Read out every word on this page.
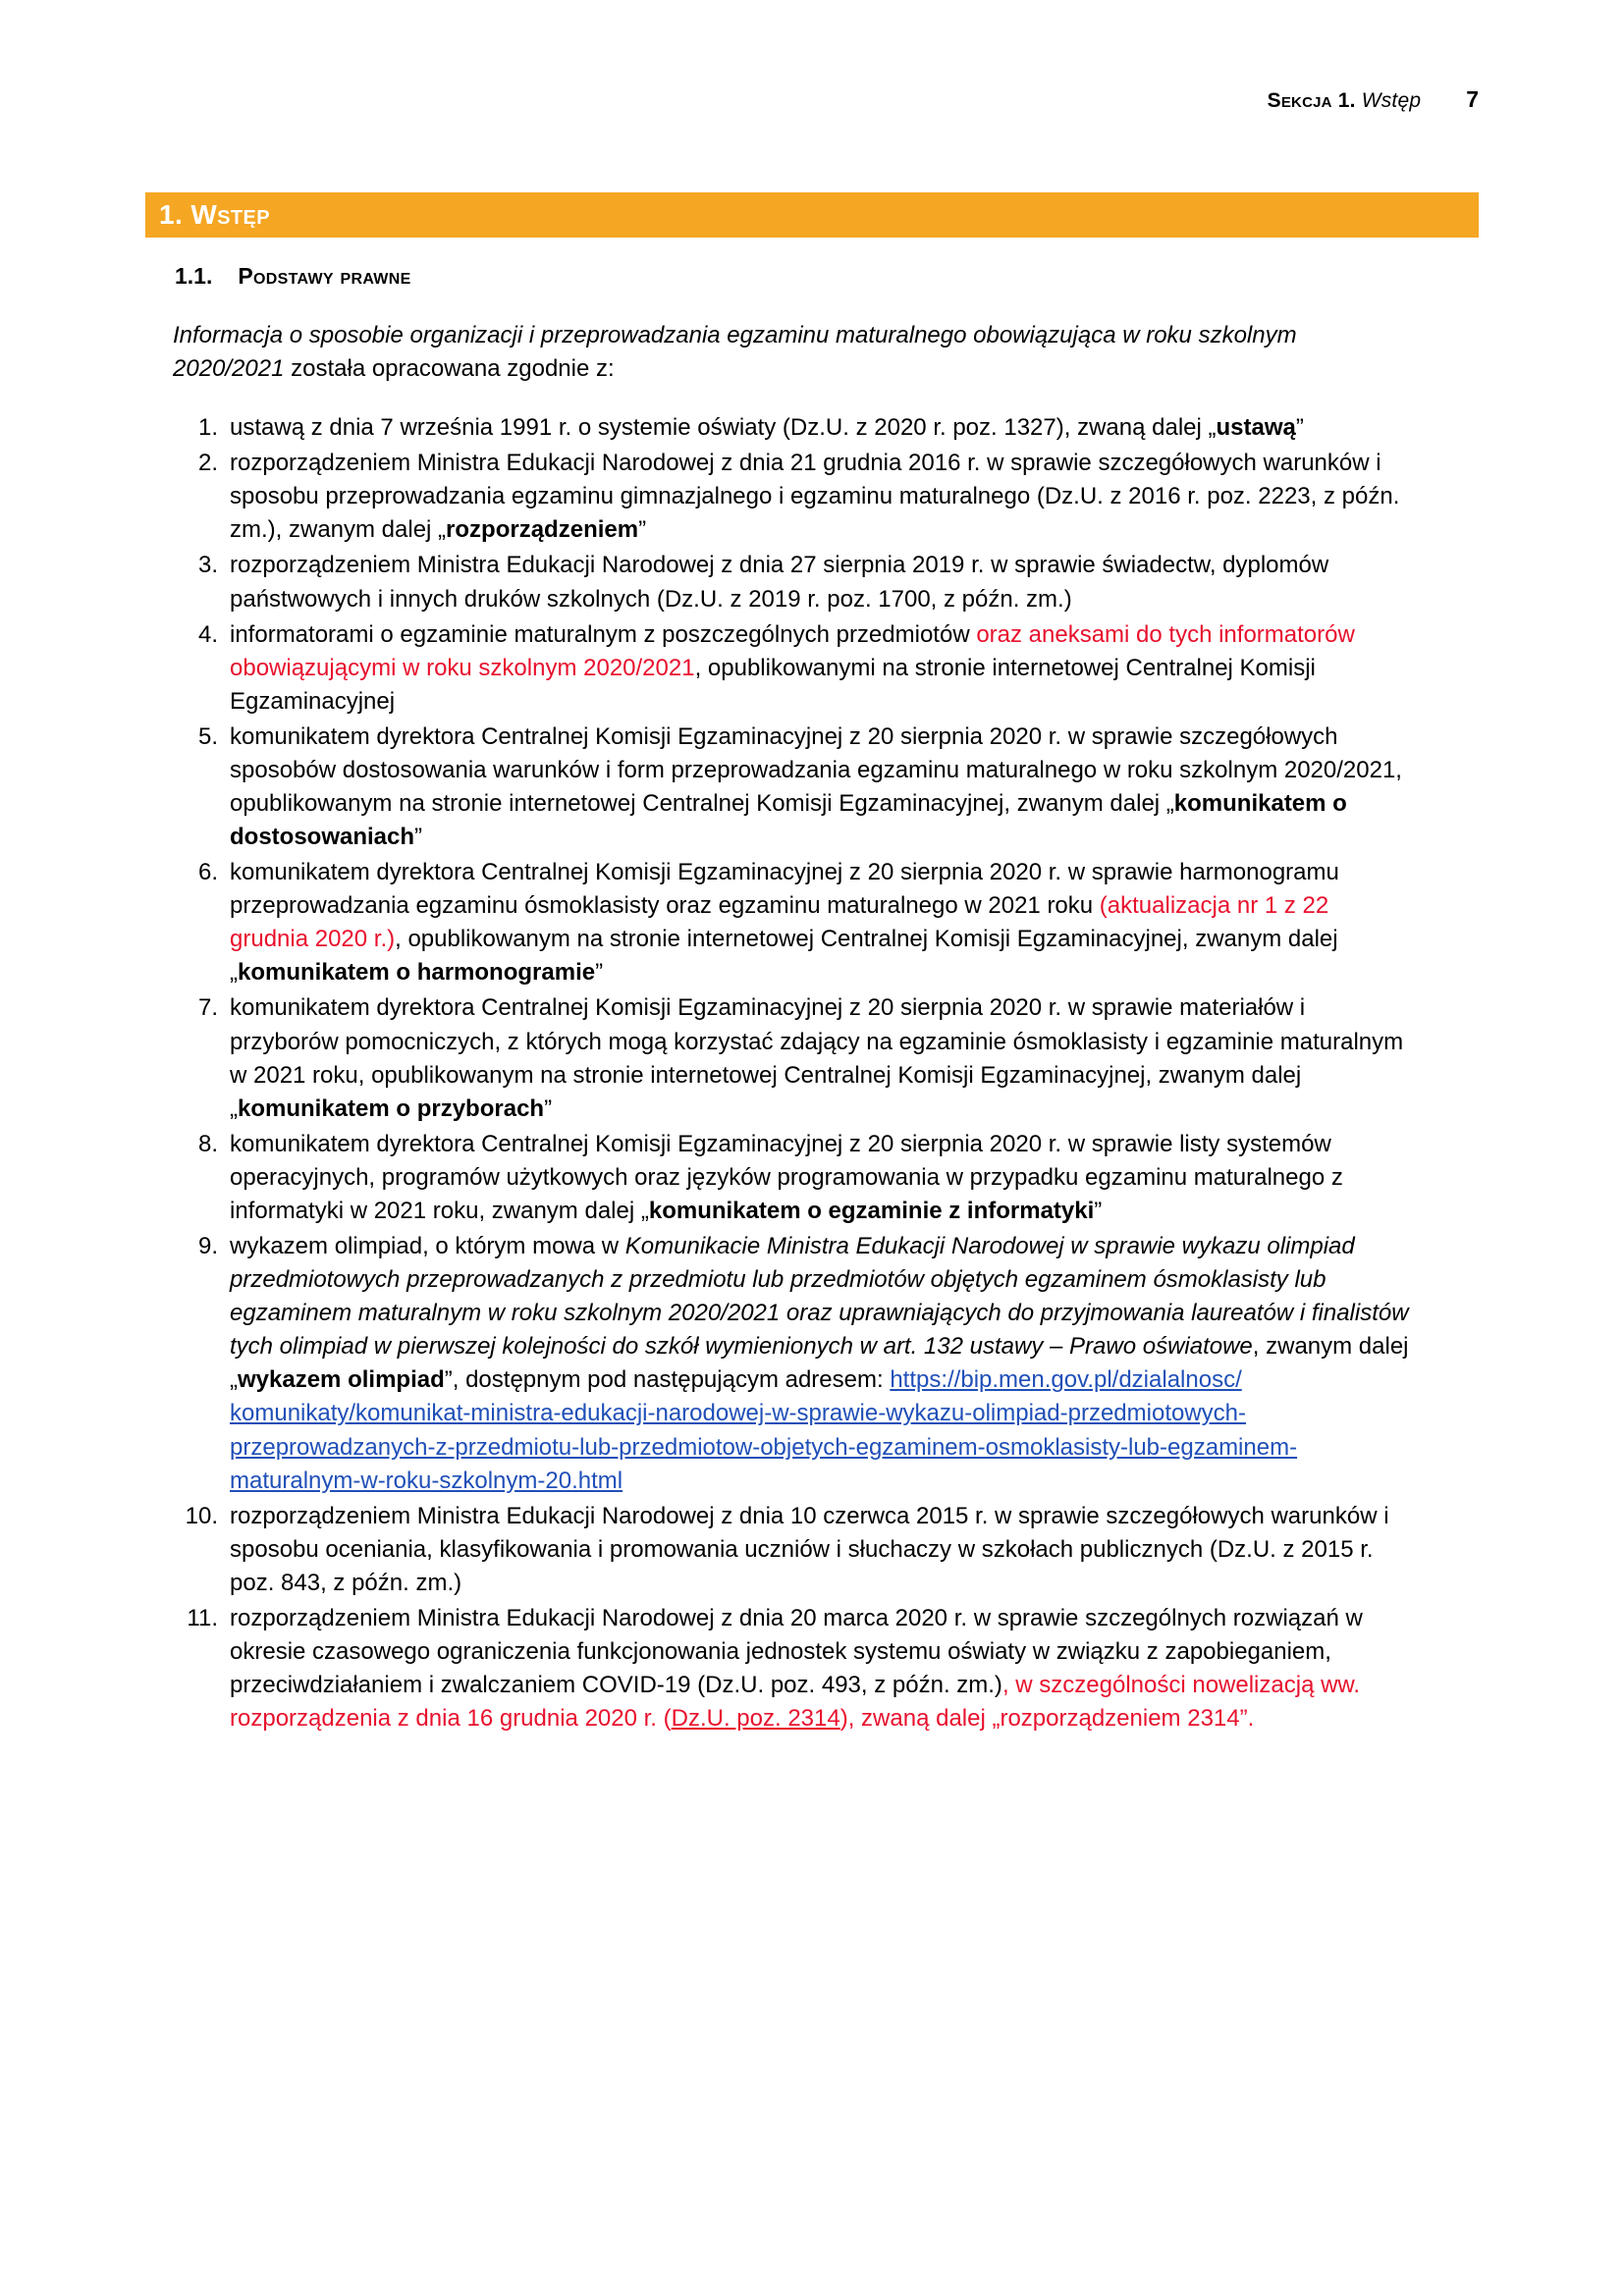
Sekcja 1. Wstęp 7
1. Wstęp
1.1. Podstawy prawne

Informacja o sposobie organizacji i przeprowadzania egzaminu maturalnego obowiązująca w roku szkolnym 2020/2021 została opracowana zgodnie z:

1. ustawą z dnia 7 września 1991 r. o systemie oświaty (Dz.U. z 2020 r. poz. 1327), zwaną dalej „ustawą”
2. rozporządzeniem Ministra Edukacji Narodowej z dnia 21 grudnia 2016 r. w sprawie szczegółowych warunków i sposobu przeprowadzania egzaminu gimnazjalnego i egzaminu maturalnego (Dz.U. z 2016 r. poz. 2223, z późn. zm.), zwanym dalej „rozporządzeniem”
3. rozporządzeniem Ministra Edukacji Narodowej z dnia 27 sierpnia 2019 r. w sprawie świadectw, dyplomów państwowych i innych druków szkolnych (Dz.U. z 2019 r. poz. 1700, z późn. zm.)
4. informatorami o egzaminie maturalnym z poszczególnych przedmiotów oraz aneksami do tych informatorów obowiązującymi w roku szkolnym 2020/2021, opublikowanymi na stronie internetowej Centralnej Komisji Egzaminacyjnej
5. komunikatem dyrektora Centralnej Komisji Egzaminacyjnej z 20 sierpnia 2020 r. w sprawie szczegółowych sposobów dostosowania warunków i form przeprowadzania egzaminu maturalnego w roku szkolnym 2020/2021, opublikowanym na stronie internetowej Centralnej Komisji Egzaminacyjnej, zwanym dalej „komunikatem o dostosowaniach”
6. komunikatem dyrektora Centralnej Komisji Egzaminacyjnej z 20 sierpnia 2020 r. w sprawie harmonogramu przeprowadzania egzaminu ósmoklasisty oraz egzaminu maturalnego w 2021 roku (aktualizacja nr 1 z 22 grudnia 2020 r.), opublikowanym na stronie internetowej Centralnej Komisji Egzaminacyjnej, zwanym dalej „komunikatem o harmonogramie”
7. komunikatem dyrektora Centralnej Komisji Egzaminacyjnej z 20 sierpnia 2020 r. w sprawie materiałów i przyborów pomocniczych, z których mogą korzystać zdający na egzaminie ósmoklasisty i egzaminie maturalnym w 2021 roku, opublikowanym na stronie internetowej Centralnej Komisji Egzaminacyjnej, zwanym dalej „komunikatem o przyborach”
8. komunikatem dyrektora Centralnej Komisji Egzaminacyjnej z 20 sierpnia 2020 r. w sprawie listy systemów operacyjnych, programów użytkowych oraz języków programowania w przypadku egzaminu maturalnego z informatyki w 2021 roku, zwanym dalej „komunikatem o egzaminie z informatyki”
9. wykazem olimpiad, o którym mowa w Komunikacie Ministra Edukacji Narodowej w sprawie wykazu olimpiad przedmiotowych przeprowadzanych z przedmiotu lub przedmiotów objętych egzaminem ósmoklasisty lub egzaminem maturalnym w roku szkolnym 2020/2021 oraz uprawniających do przyjmowania laureatów i finalistów tych olimpiad w pierwszej kolejności do szkół wymienionych w art. 132 ustawy – Prawo oświatowe, zwanym dalej „wykazem olimpiad”, dostępnym pod następującym adresem: https://bip.men.gov.pl/dzialalnosc/ komunikaty/komunikat-ministra-edukacji-narodowej-w-sprawie-wykazu-olimpiad-przedmiotowych-przeprowadzanych-z-przedmiotu-lub-przedmiotow-objetych-egzaminem-osmoklasisty-lub-egzaminem-maturalnym-w-roku-szkolnym-20.html
10. rozporządzeniem Ministra Edukacji Narodowej z dnia 10 czerwca 2015 r. w sprawie szczegółowych warunków i sposobu oceniania, klasyfikowania i promowania uczniów i słuchaczy w szkołach publicznych (Dz.U. z 2015 r. poz. 843, z późn. zm.)
11. rozporządzeniem Ministra Edukacji Narodowej z dnia 20 marca 2020 r. w sprawie szczególnych rozwiązań w okresie czasowego ograniczenia funkcjonowania jednostek systemu oświaty w związku z zapobieganiem, przeciwdziałaniem i zwalczaniem COVID-19 (Dz.U. poz. 493, z późn. zm.), w szczególności nowelizacją ww. rozporządzenia z dnia 16 grudnia 2020 r. (Dz.U. poz. 2314), zwaną dalej „rozporządzeniem 2314”.
